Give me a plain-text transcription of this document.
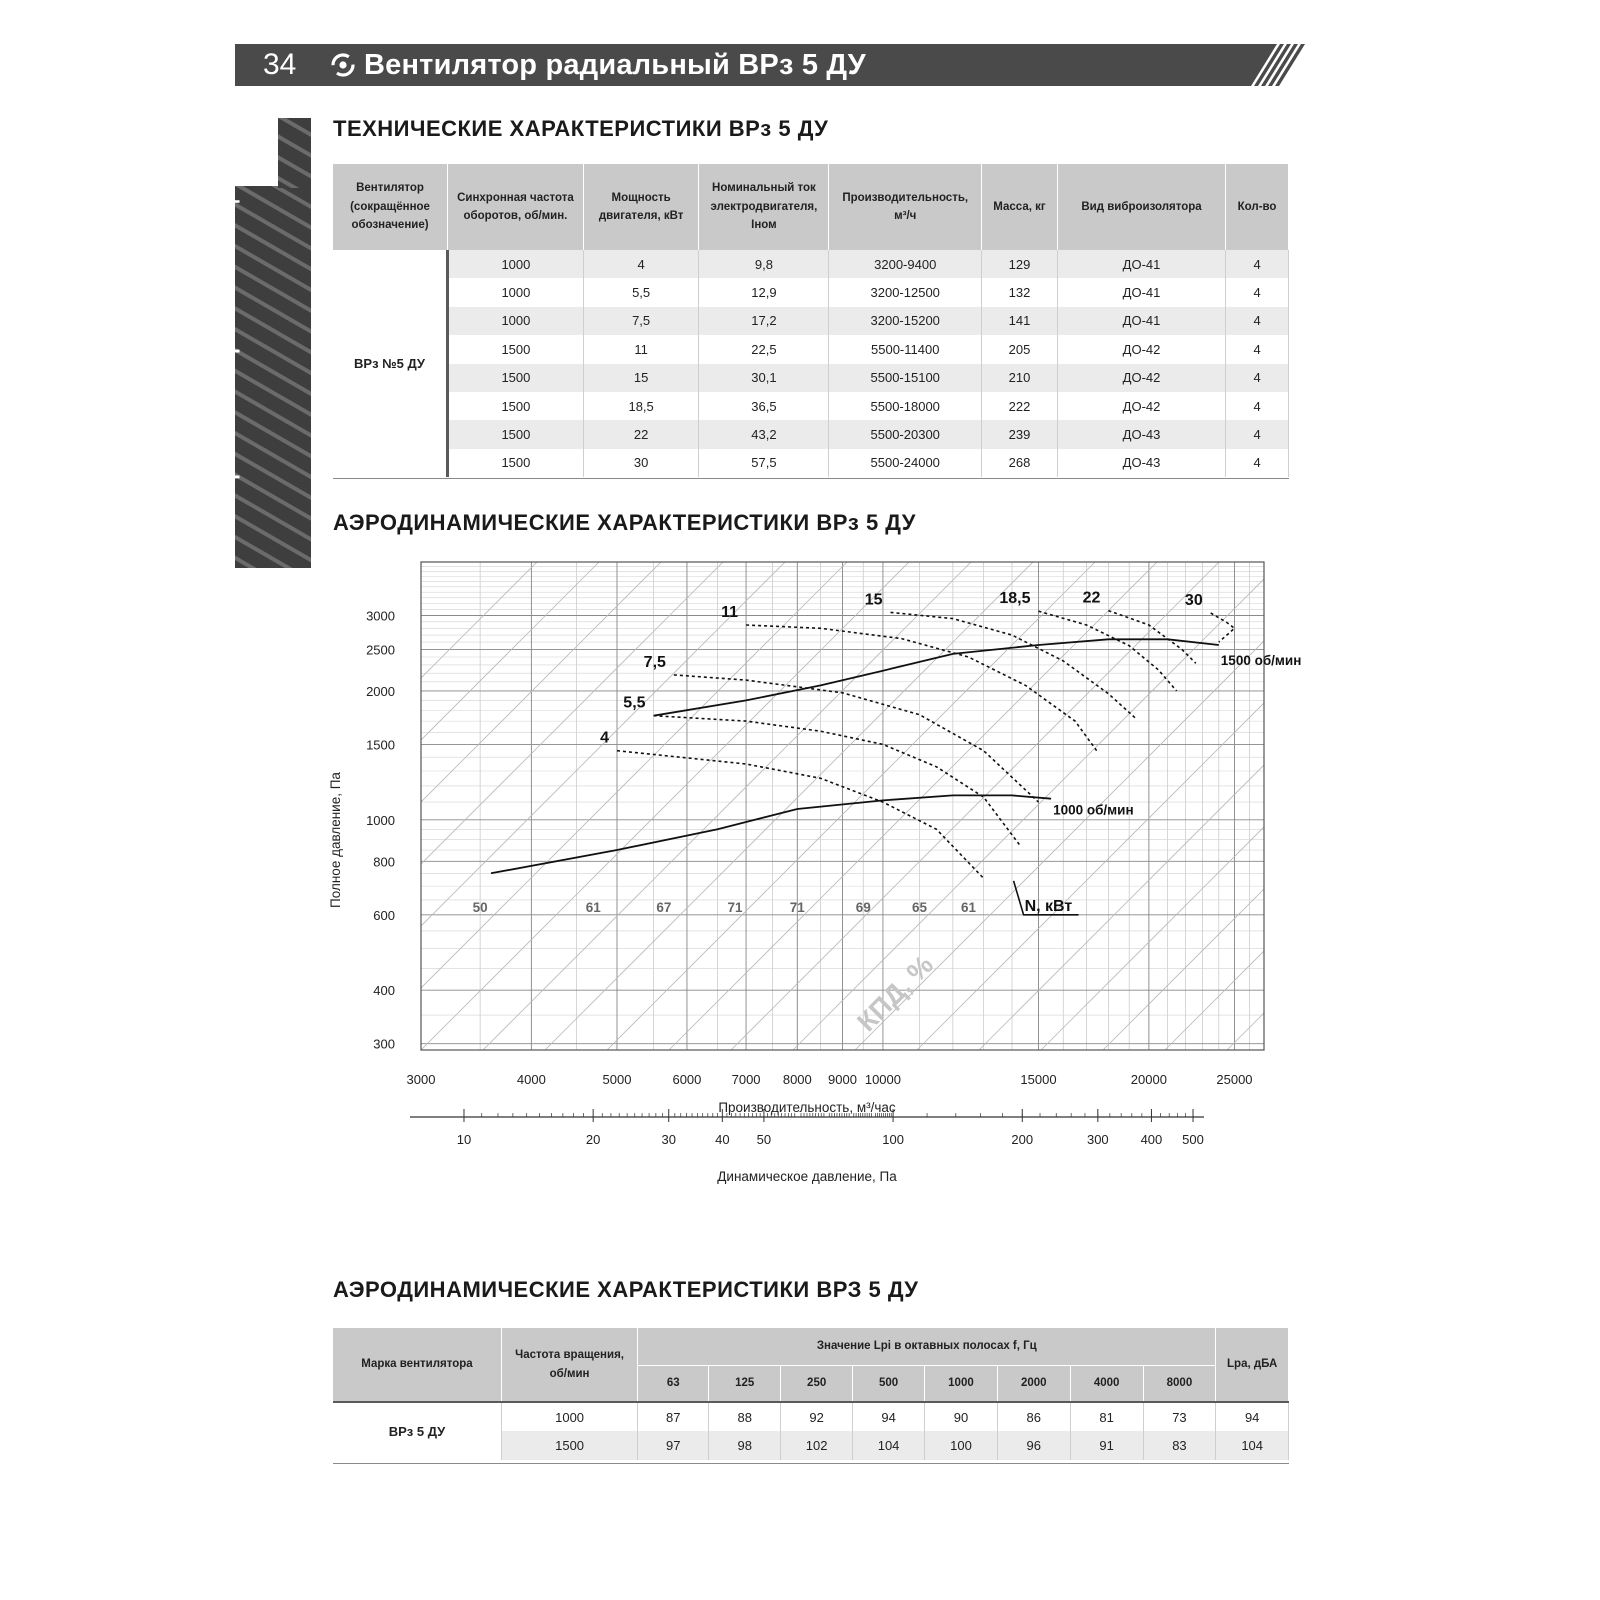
34	Вентилятор радиальный ВРз 5 ДУ
Противопожарная вентиляци
ТЕХНИЧЕСКИЕ ХАРАКТЕРИСТИКИ ВРз 5 ДУ
Вентилятор (сокращённое обозначение)	Синхронная частота оборотов, об/мин.	Мощность двигателя, кВт	Номинальный ток электродвигателя, Iном	Производительность, м³/ч	Масса, кг	Вид виброизолятора	Кол-во
ВРз №5 ДУ	1000	4	9,8	3200-9400	129	ДО-41	4
	1000	5,5	12,9	3200-12500	132	ДО-41	4
	1000	7,5	17,2	3200-15200	141	ДО-41	4
	1500	11	22,5	5500-11400	205	ДО-42	4
	1500	15	30,1	5500-15100	210	ДО-42	4
	1500	18,5	36,5	5500-18000	222	ДО-42	4
	1500	22	43,2	5500-20300	239	ДО-43	4
	1500	30	57,5	5500-24000	268	ДО-43	4
АЭРОДИНАМИЧЕСКИЕ ХАРАКТЕРИСТИКИ ВРз 5 ДУ
3000	4000	5000	6000 7000 8000 9000 10000	15000	20000	25000
300
400
600
800
1000
1500
2000
2500
3000
Производительность, м³/час
Полное давление, Па
4
5,5
7,5
11
15	18,5	22	30
1000 об/мин
1500 об/мин
50	61	67	71	71	69	65	61	N, кВт
КПД, %
10	20	30	40 50	100	200	300 400 500
Динамическое давление, Па
АЭРОДИНАМИЧЕСКИЕ ХАРАКТЕРИСТИКИ ВРЗ 5 ДУ
Марка вентилятора	Частота вращения, об/мин	Значение Lpi в октавных полосах f, Гц								Lpa, дБА
		63	125	250	500	1000	2000	4000	8000	
ВРз 5 ДУ	1000	87	88	92	94	90	86	81	73	94
	1500	97	98	102	104	100	96	91	83	104
